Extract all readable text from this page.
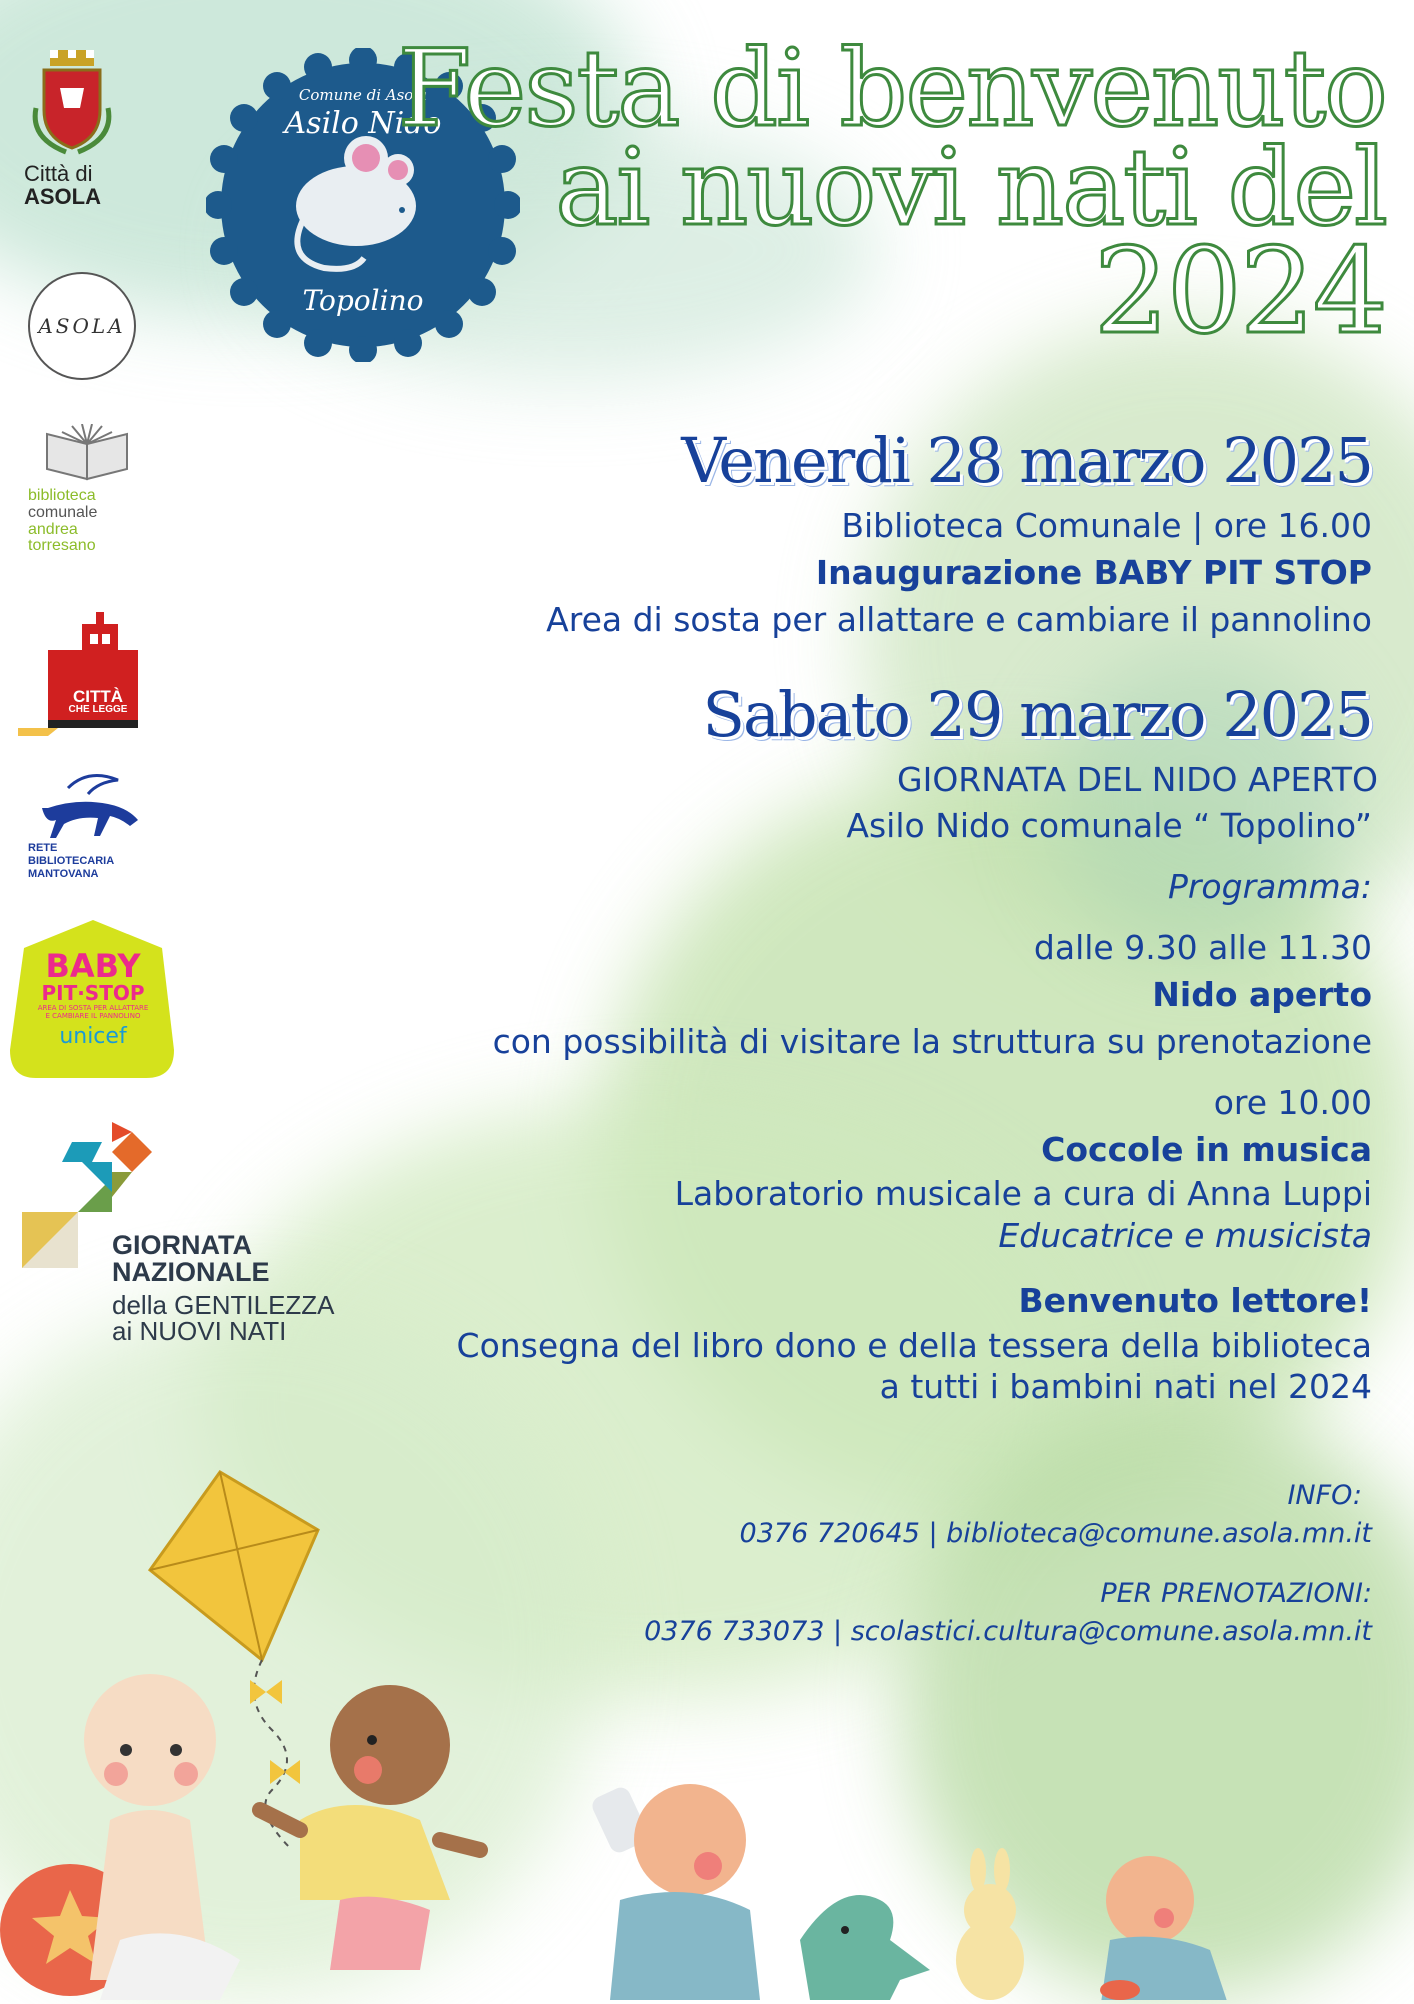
Città di
ASOLA
ASOLA
biblioteca
comunale
andrea
torresano
CITTÀ
CHE LEGGE
RETE
BIBLIOTECARIA
MANTOVANA
BABY
PIT·STOP
AREA DI SOSTA PER ALLATTARE
E CAMBIARE IL PANNOLINO
unicef
GIORNATA
NAZIONALE
della GENTILEZZA
ai NUOVI NATI
Comune di Asola
Asilo Nido
Topolino
Festa di benvenuto
ai nuovi nati del
2024
Venerdi 28 marzo 2025
Biblioteca Comunale | ore 16.00
Inaugurazione BABY PIT STOP
Area di sosta per allattare e cambiare il pannolino
Sabato 29 marzo 2025
GIORNATA DEL NIDO APERTO
Asilo Nido comunale “ Topolino”
Programma:
dalle 9.30 alle 11.30
Nido aperto
con possibilità di visitare la struttura su prenotazione
ore 10.00
Coccole in musica
Laboratorio musicale a cura di Anna Luppi
Educatrice e musicista
Benvenuto lettore!
Consegna del libro dono e della tessera della biblioteca
a tutti i bambini nati nel 2024
INFO:
0376 720645 | biblioteca@comune.asola.mn.it
PER PRENOTAZIONI:
0376 733073 | scolastici.cultura@comune.asola.mn.it
